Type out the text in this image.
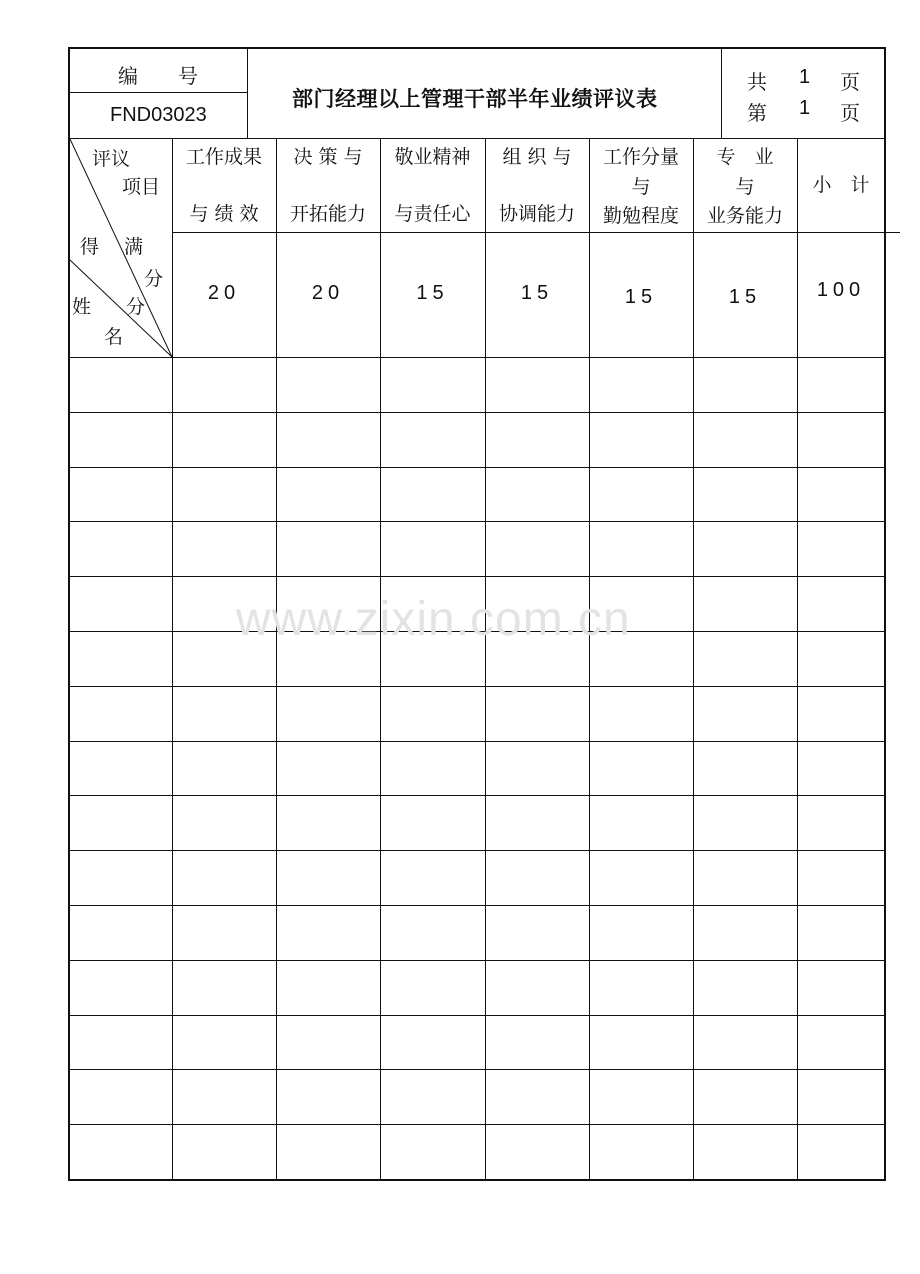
编　　号
FND03023
部门经理以上管理干部半年业绩评议表
共 1 页
第 1 页
评议
项目
得 满
分
姓 分
名
工作成果
与 绩 效
20
决 策 与
开拓能力
20
敬业精神
与责任心
15
组 织 与
协调能力
15
工作分量
与
勤勉程度
15
专　业
与
业务能力
15
小　计
100
www.zixin.com.cn
